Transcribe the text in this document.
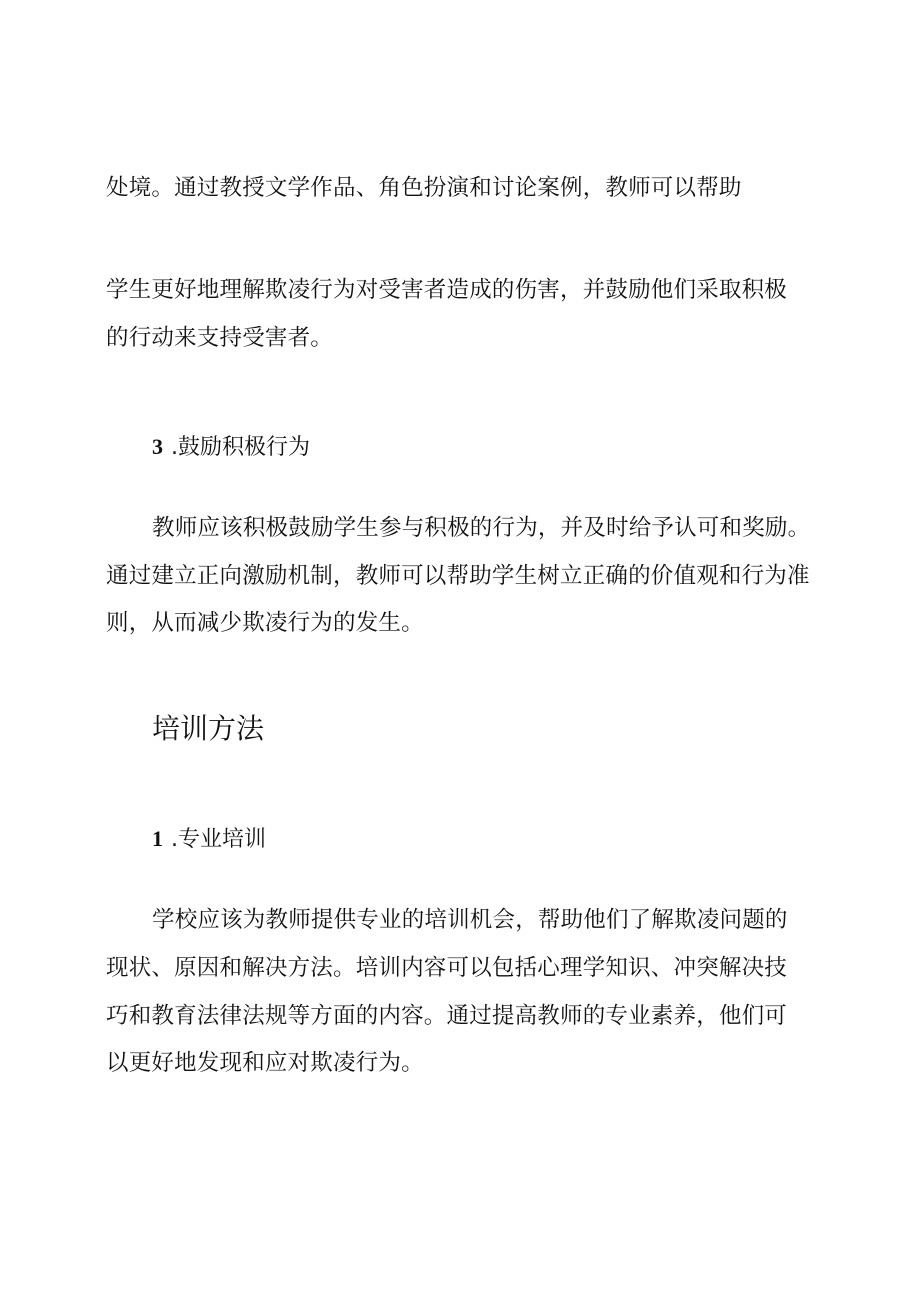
处境。通过教授文学作品、角色扮演和讨论案例，教师可以帮助
学生更好地理解欺凌行为对受害者造成的伤害，并鼓励他们采取积极
的行动来支持受害者。
3 .鼓励积极行为
教师应该积极鼓励学生参与积极的行为，并及时给予认可和奖励。
通过建立正向激励机制，教师可以帮助学生树立正确的价值观和行为准
则，从而减少欺凌行为的发生。
培训方法
1 .专业培训
学校应该为教师提供专业的培训机会，帮助他们了解欺凌问题的
现状、原因和解决方法。培训内容可以包括心理学知识、冲突解决技
巧和教育法律法规等方面的内容。通过提高教师的专业素养，他们可
以更好地发现和应对欺凌行为。
